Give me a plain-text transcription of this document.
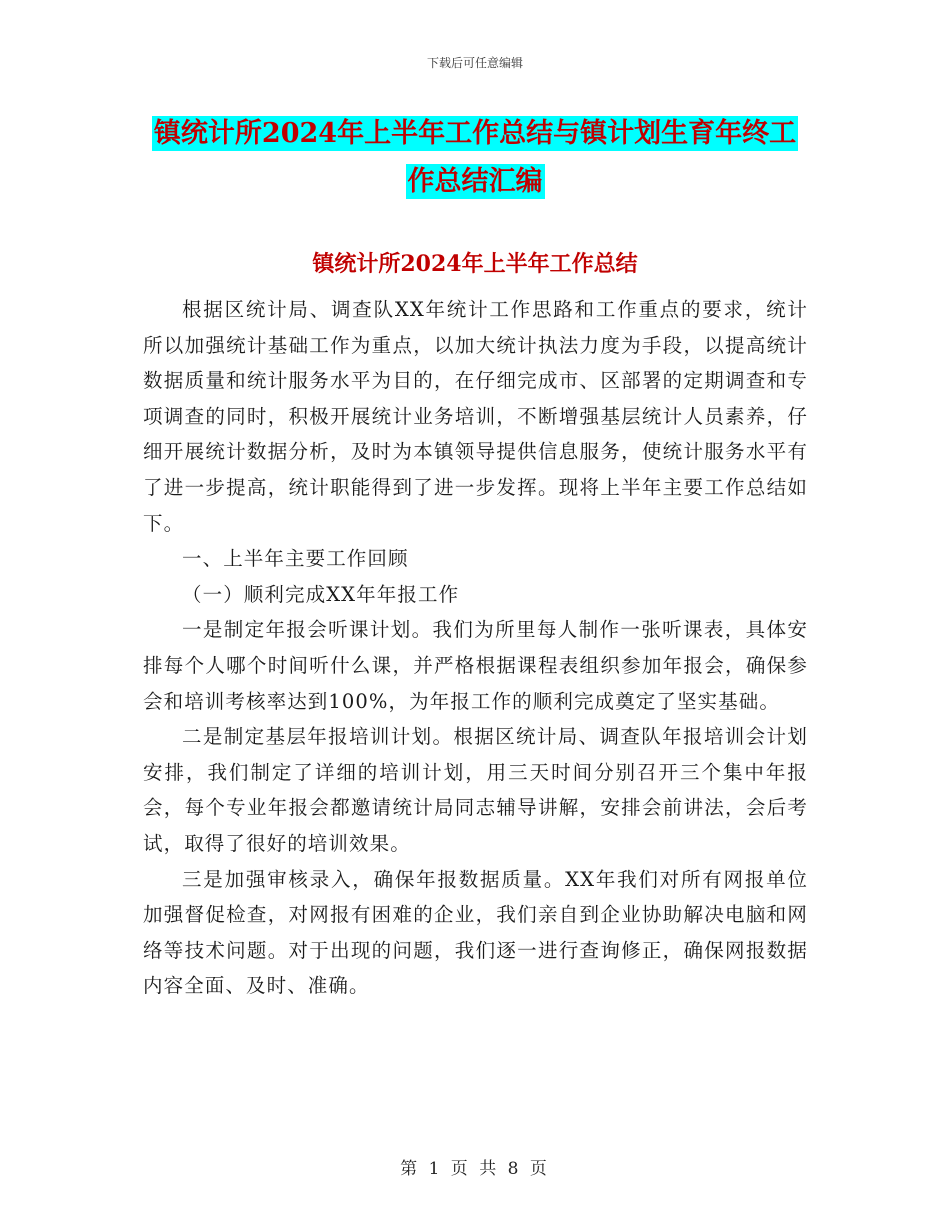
下载后可任意编辑
镇统计所2024年上半年工作总结与镇计划生育年终工
作总结汇编
镇统计所2024年上半年工作总结

根据区统计局、调查队XX年统计工作思路和工作重点的要求，统计所以加强统计基础工作为重点，以加大统计执法力度为手段，以提高统计数据质量和统计服务水平为目的，在仔细完成市、区部署的定期调查和专项调查的同时，积极开展统计业务培训，不断增强基层统计人员素养，仔细开展统计数据分析，及时为本镇领导提供信息服务，使统计服务水平有了进一步提高，统计职能得到了进一步发挥。现将上半年主要工作总结如下。

一、上半年主要工作回顾

（一）顺利完成XX年年报工作

一是制定年报会听课计划。我们为所里每人制作一张听课表，具体安排每个人哪个时间听什么课，并严格根据课程表组织参加年报会，确保参会和培训考核率达到100%，为年报工作的顺利完成奠定了坚实基础。

二是制定基层年报培训计划。根据区统计局、调查队年报培训会计划安排，我们制定了详细的培训计划，用三天时间分别召开三个集中年报会，每个专业年报会都邀请统计局同志辅导讲解，安排会前讲法，会后考试，取得了很好的培训效果。

三是加强审核录入，确保年报数据质量。XX年我们对所有网报单位加强督促检查，对网报有困难的企业，我们亲自到企业协助解决电脑和网络等技术问题。对于出现的问题，我们逐一进行查询修正，确保网报数据内容全面、及时、准确。

第 1 页 共 8 页
